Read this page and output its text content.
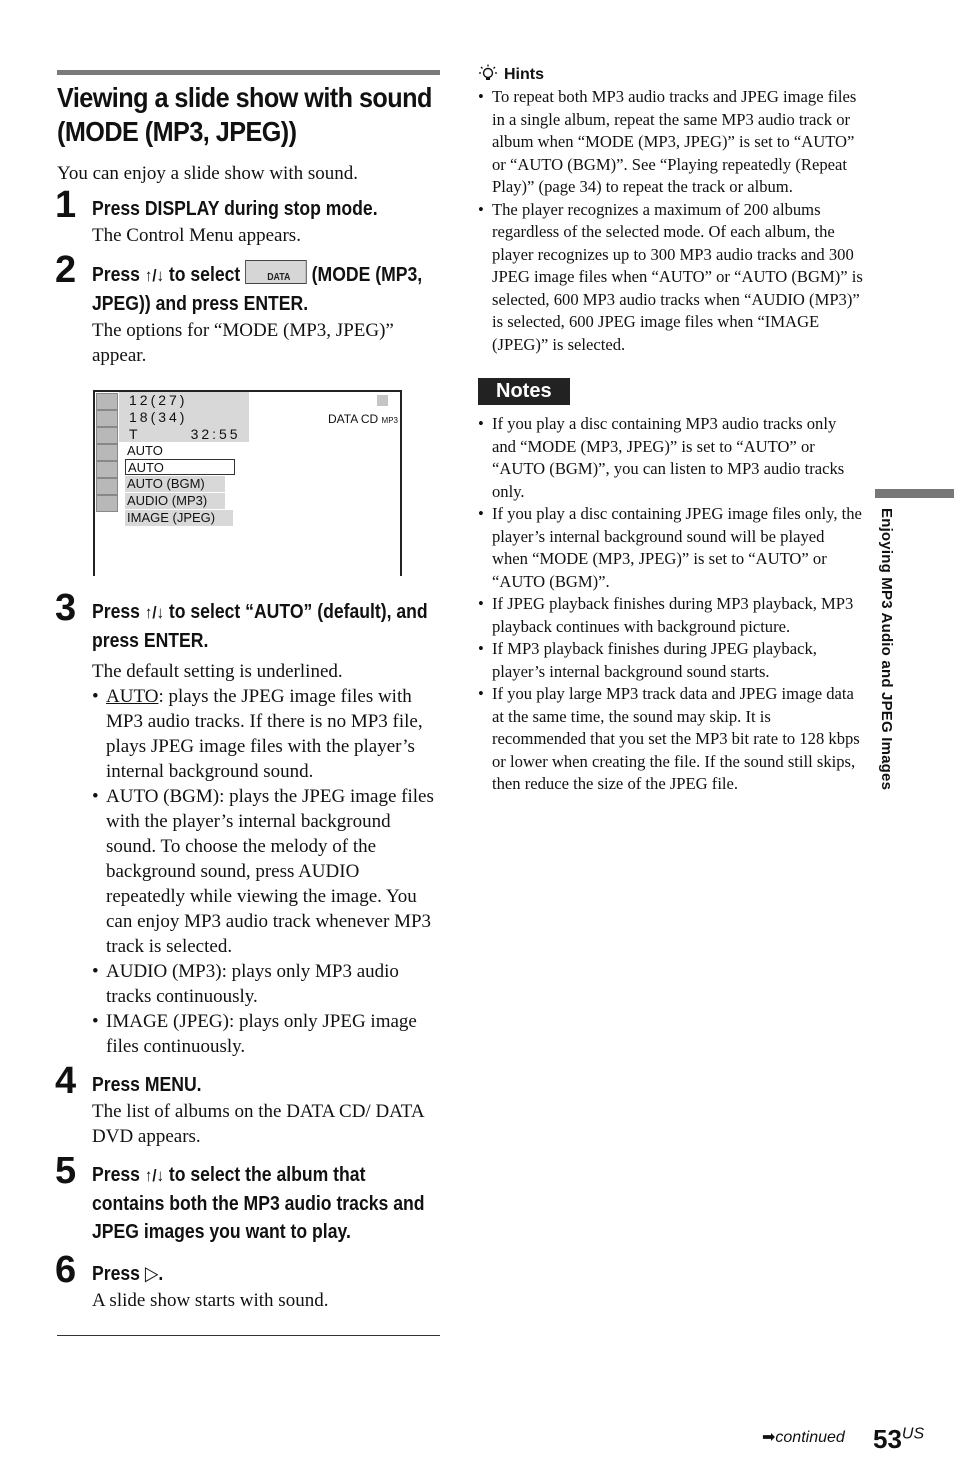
Viewing a slide show with sound (MODE (MP3, JPEG))
You can enjoy a slide show with sound.
1 Press DISPLAY during stop mode.
The Control Menu appears.
2 Press ↑/↓ to select	DATA (MODE (MP3, JPEG)) and press ENTER.
The options for “MODE (MP3, JPEG)” appear.
12(27)
18(34)
T	32:55
DATA CD MP3
AUTO
AUTO
AUTO (BGM)
AUDIO (MP3)
IMAGE (JPEG)
3 Press ↑/↓ to select “AUTO” (default), and press ENTER.
The default setting is underlined.
• AUTO: plays the JPEG image files with MP3 audio tracks. If there is no MP3 file, plays JPEG image files with the player’s internal background sound.
• AUTO (BGM): plays the JPEG image files with the player’s internal background sound. To choose the melody of the background sound, press AUDIO repeatedly while viewing the image. You can enjoy MP3 audio track whenever MP3 track is selected.
• AUDIO (MP3): plays only MP3 audio tracks continuously.
• IMAGE (JPEG): plays only JPEG image files continuously.
4 Press MENU.
The list of albums on the DATA CD/ DATA DVD appears.
5 Press ↑/↓ to select the album that contains both the MP3 audio tracks and JPEG images you want to play.
6 Press ▷.
A slide show starts with sound.
Hints
• To repeat both MP3 audio tracks and JPEG image files in a single album, repeat the same MP3 audio track or album when “MODE (MP3, JPEG)” is set to “AUTO” or “AUTO (BGM)”. See “Playing repeatedly (Repeat Play)” (page 34) to repeat the track or album.
• The player recognizes a maximum of 200 albums regardless of the selected mode. Of each album, the player recognizes up to 300 MP3 audio tracks and 300 JPEG image files when “AUTO” or “AUTO (BGM)” is selected, 600 MP3 audio tracks when “AUDIO (MP3)” is selected, 600 JPEG image files when “IMAGE (JPEG)” is selected.
Notes
• If you play a disc containing MP3 audio tracks only and “MODE (MP3, JPEG)” is set to “AUTO” or “AUTO (BGM)”, you can listen to MP3 audio tracks only.
• If you play a disc containing JPEG image files only, the player’s internal background sound will be played when “MODE (MP3, JPEG)” is set to “AUTO” or “AUTO (BGM)”.
• If JPEG playback finishes during MP3 playback, MP3 playback continues with background picture.
• If MP3 playback finishes during JPEG playback, player’s internal background sound starts.
• If you play large MP3 track data and JPEG image data at the same time, the sound may skip. It is recommended that you set the MP3 bit rate to 128 kbps or lower when creating the file. If the sound still skips, then reduce the size of the JPEG file.	Enjoying MP3 Audio and JPEG Images
➡continued $53^{US}$
